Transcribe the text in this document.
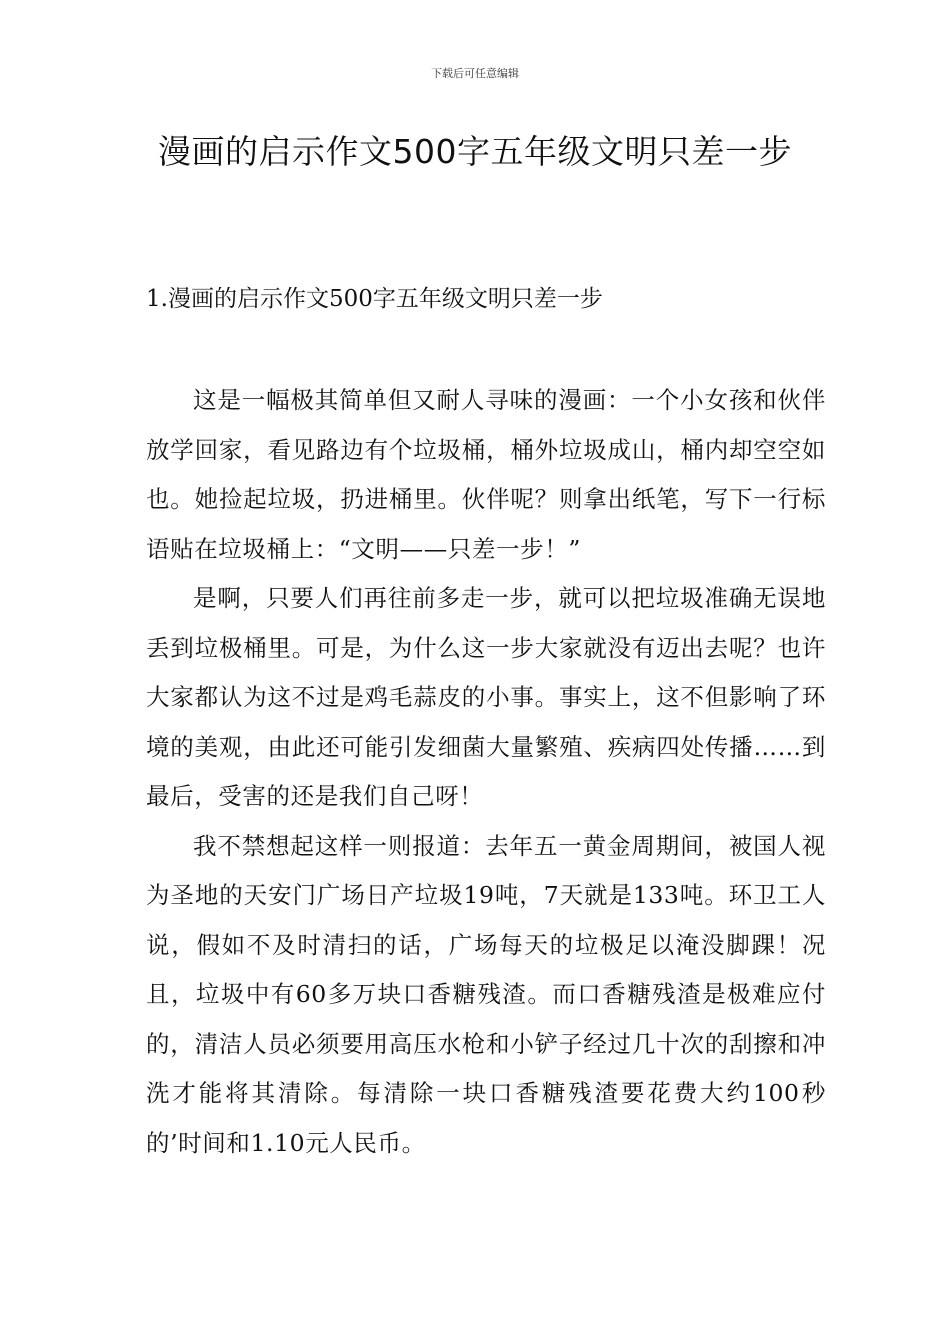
下载后可任意编辑
漫画的启示作文500字五年级文明只差一步

1.漫画的启示作文500字五年级文明只差一步

这是一幅极其简单但又耐人寻味的漫画：一个小女孩和伙伴放学回家，看见路边有个垃圾桶，桶外垃圾成山，桶内却空空如也。她捡起垃圾，扔进桶里。伙伴呢？则拿出纸笔，写下一行标语贴在垃圾桶上：“文明——只差一步！”

是啊，只要人们再往前多走一步，就可以把垃圾准确无误地丢到垃极桶里。可是，为什么这一步大家就没有迈出去呢？也许大家都认为这不过是鸡毛蒜皮的小事。事实上，这不但影响了环境的美观，由此还可能引发细菌大量繁殖、疾病四处传播……到最后，受害的还是我们自己呀！

我不禁想起这样一则报道：去年五一黄金周期间，被国人视为圣地的天安门广场日产垃圾19吨，7天就是133吨。环卫工人说，假如不及时清扫的话，广场每天的垃极足以淹没脚踝！况且，垃圾中有60多万块口香糖残渣。而口香糖残渣是极难应付的，清洁人员必须要用高压水枪和小铲子经过几十次的刮擦和冲洗才能将其清除。每清除一块口香糖残渣要花费大约100秒的’时间和1.10元人民币。
